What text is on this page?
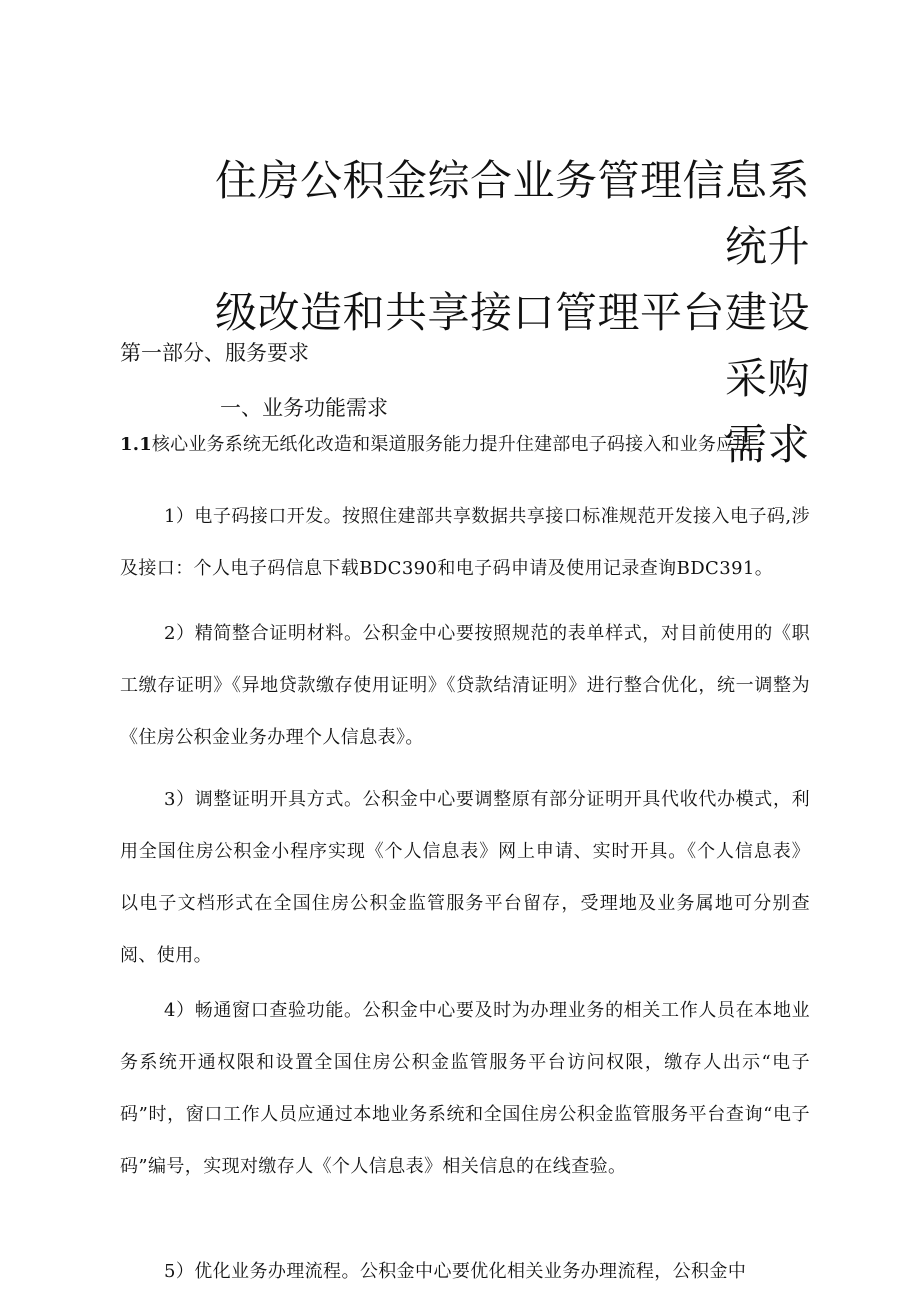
住房公积金综合业务管理信息系统升
级改造和共享接口管理平台建设采购
需求
第一部分、服务要求
一、业务功能需求
1.1核心业务系统无纸化改造和渠道服务能力提升住建部电子码接入和业务应用

1）电子码接口开发。按照住建部共享数据共享接口标准规范开发接入电子码,涉及接口：个人电子码信息下载BDC390和电子码申请及使用记录查询BDC391。

2）精简整合证明材料。公积金中心要按照规范的表单样式，对目前使用的《职工缴存证明》《异地贷款缴存使用证明》《贷款结清证明》进行整合优化，统一调整为《住房公积金业务办理个人信息表》。

3）调整证明开具方式。公积金中心要调整原有部分证明开具代收代办模式，利用全国住房公积金小程序实现《个人信息表》网上申请、实时开具。《个人信息表》以电子文档形式在全国住房公积金监管服务平台留存，受理地及业务属地可分别查阅、使用。

4）畅通窗口查验功能。公积金中心要及时为办理业务的相关工作人员在本地业务系统开通权限和设置全国住房公积金监管服务平台访问权限，缴存人出示“电子码”时，窗口工作人员应通过本地业务系统和全国住房公积金监管服务平台查询“电子码”编号，实现对缴存人《个人信息表》相关信息的在线查验。

5）优化业务办理流程。公积金中心要优化相关业务办理流程，公积金中
